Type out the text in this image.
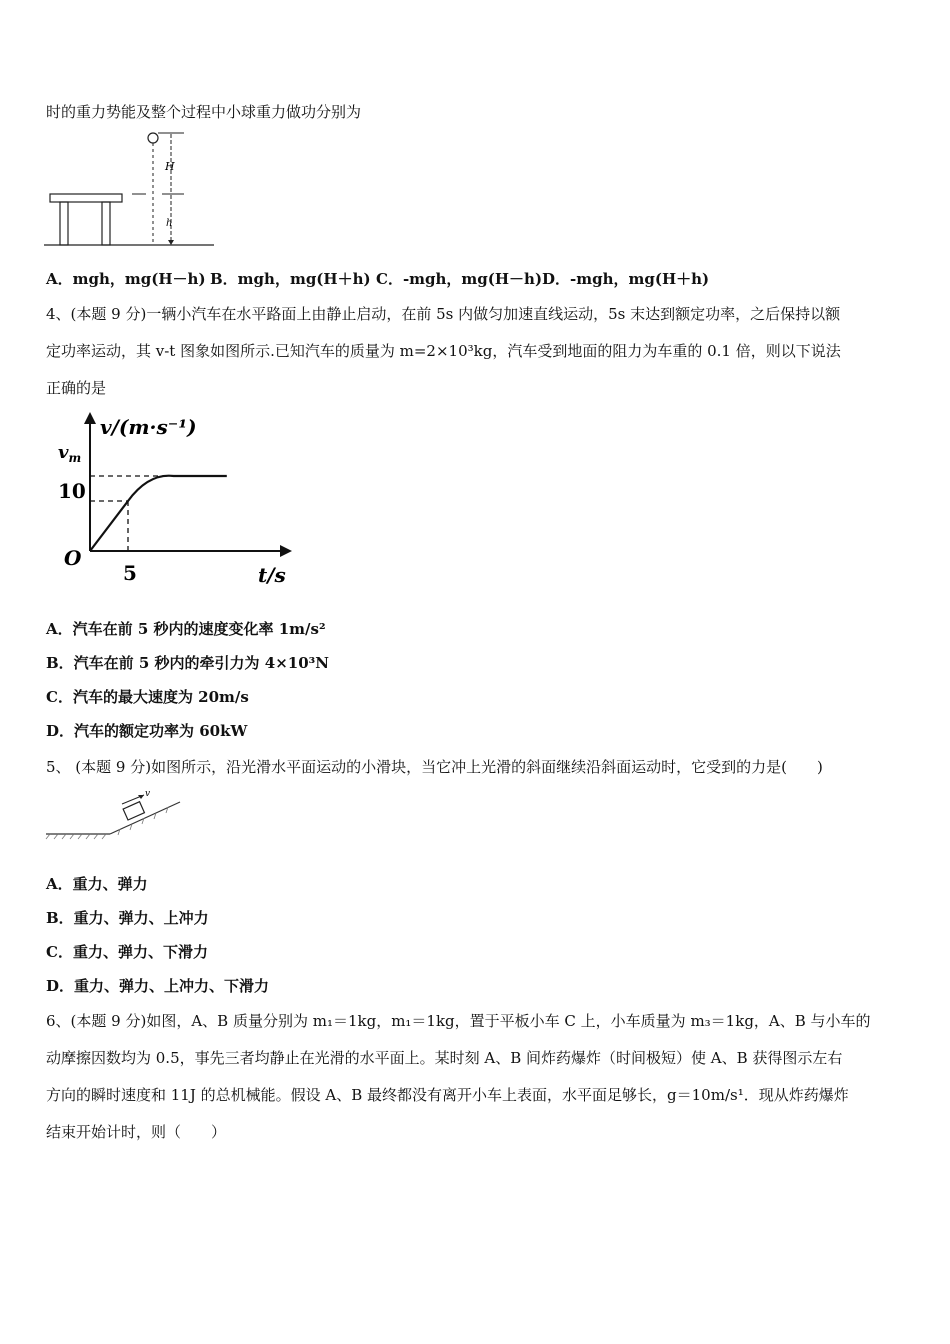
时的重力势能及整个过程中小球重力做功分别为
H
h
A．mgh，mg(H－h) B．mgh，mg(H＋h) C．-mgh，mg(H－h) D．-mgh，mg(H＋h)
4、(本题 9 分)一辆小汽车在水平路面上由静止启动，在前 5s 内做匀加速直线运动，5s 末达到额定功率，之后保持以额
定功率运动，其 v-t 图象如图所示.已知汽车的质量为 m=2×10³kg，汽车受到地面的阻力为车重的 0.1 倍，则以下说法
正确的是
v/(m·s⁻¹)
$v_m$
10
O
5	t/s
A．汽车在前 5 秒内的速度变化率 1m/s²
B．汽车在前 5 秒内的牵引力为 4×10³N
C．汽车的最大速度为 20m/s
D．汽车的额定功率为 60kW
5、 (本题 9 分)如图所示，沿光滑水平面运动的小滑块，当它冲上光滑的斜面继续沿斜面运动时，它受到的力是(　　)
v
A．重力、弹力
B．重力、弹力、上冲力
C．重力、弹力、下滑力
D．重力、弹力、上冲力、下滑力
6、(本题 9 分)如图，A、B 质量分别为 m₁＝1kg，m₁＝1kg，置于平板小车 C 上，小车质量为 m₃＝1kg，A、B 与小车的
动摩擦因数均为 0.5，事先三者均静止在光滑的水平面上。某时刻 A、B 间炸药爆炸（时间极短）使 A、B 获得图示左右
方向的瞬时速度和 11J 的总机械能。假设 A、B 最终都没有离开小车上表面，水平面足够长，g＝10m/s¹．现从炸药爆炸
结束开始计时，则（　　）
